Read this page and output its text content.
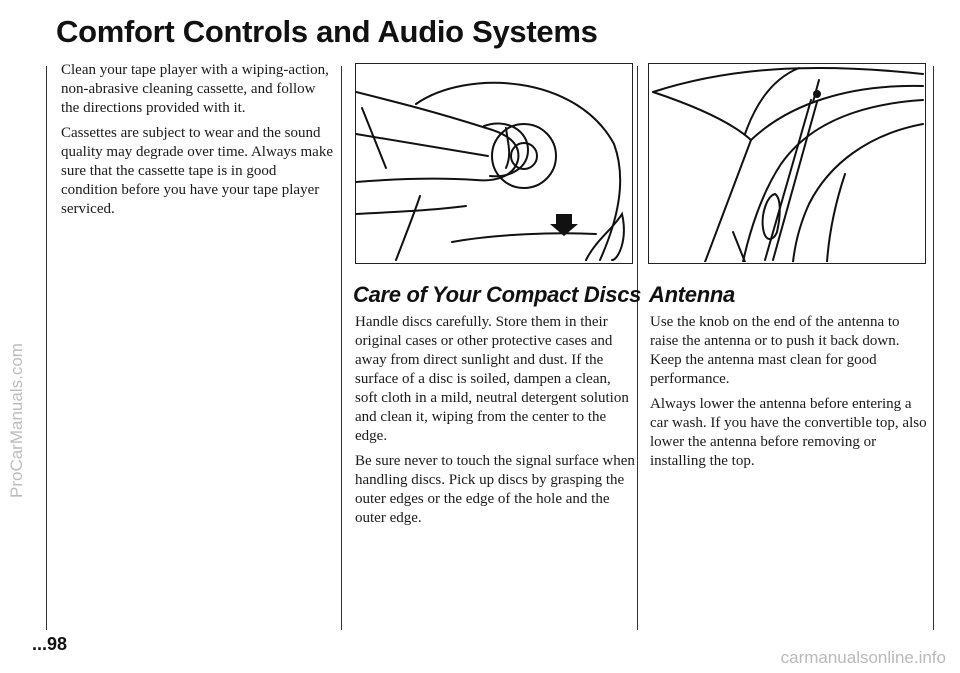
Comfort Controls and Audio Systems
ProCarManuals.com

Clean your tape player with a wiping-action, non-abrasive cleaning cassette, and follow the directions provided with it.

Cassettes are subject to wear and the sound quality may degrade over time. Always make sure that the cassette tape is in good condition before you have your tape player serviced.

Care of Your Compact Discs

Handle discs carefully. Store them in their original cases or other protective cases and away from direct sunlight and dust. If the surface of a disc is soiled, dampen a clean, soft cloth in a mild, neutral detergent solution and clean it, wiping from the center to the edge.

Be sure never to touch the signal surface when handling discs. Pick up discs by grasping the outer edges or the edge of the hole and the outer edge.

Antenna

Use the knob on the end of the antenna to raise the antenna or to push it back down. Keep the antenna mast clean for good performance.

Always lower the antenna before entering a car wash. If you have the convertible top, also lower the antenna before removing or installing the top.

...98
carmanualsonline.info
